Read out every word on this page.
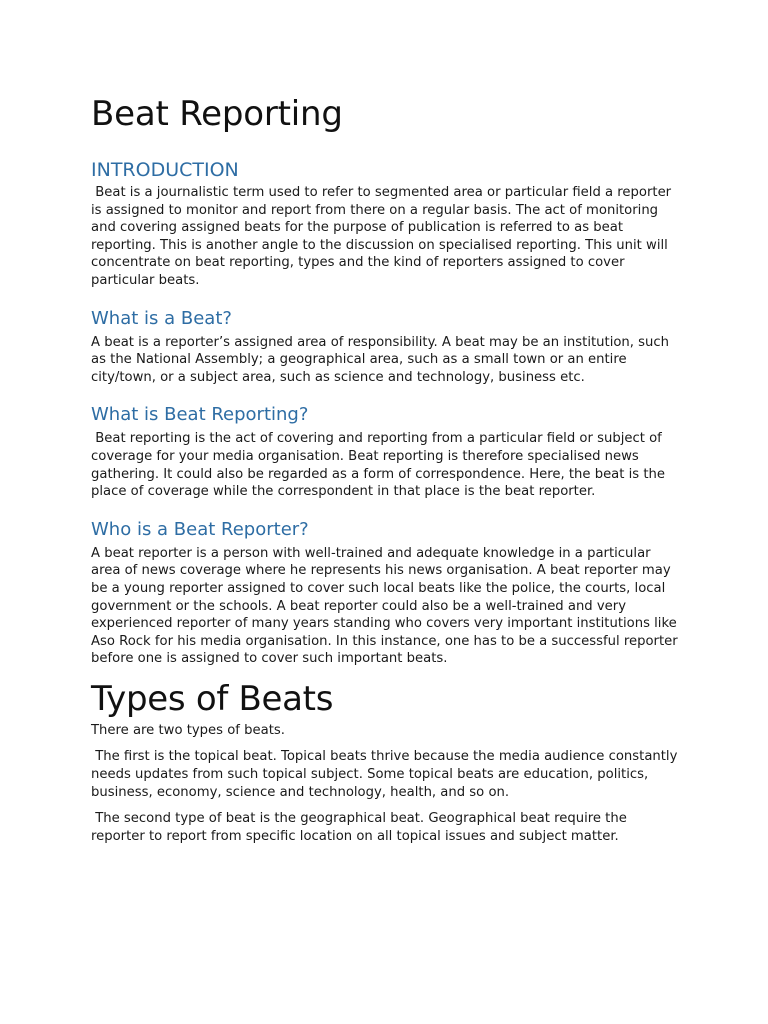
Beat Reporting
INTRODUCTION

Beat is a journalistic term used to refer to segmented area or particular field a reporter is assigned to monitor and report from there on a regular basis. The act of monitoring and covering assigned beats for the purpose of publication is referred to as beat reporting. This is another angle to the discussion on specialised reporting. This unit will concentrate on beat reporting, types and the kind of reporters assigned to cover particular beats.

What is a Beat?

A beat is a reporter’s assigned area of responsibility. A beat may be an institution, such as the National Assembly; a geographical area, such as a small town or an entire city/town, or a subject area, such as science and technology, business etc.

What is Beat Reporting?

Beat reporting is the act of covering and reporting from a particular field or subject of coverage for your media organisation. Beat reporting is therefore specialised news gathering. It could also be regarded as a form of correspondence. Here, the beat is the place of coverage while the correspondent in that place is the beat reporter.

Who is a Beat Reporter?

A beat reporter is a person with well-trained and adequate knowledge in a particular area of news coverage where he represents his news organisation. A beat reporter may be a young reporter assigned to cover such local beats like the police, the courts, local government or the schools. A beat reporter could also be a well-trained and very experienced reporter of many years standing who covers very important institutions like Aso Rock for his media organisation. In this instance, one has to be a successful reporter before one is assigned to cover such important beats.

Types of Beats

There are two types of beats.

The first is the topical beat. Topical beats thrive because the media audience constantly needs updates from such topical subject. Some topical beats are education, politics, business, economy, science and technology, health, and so on.

The second type of beat is the geographical beat. Geographical beat require the reporter to report from specific location on all topical issues and subject matter.
